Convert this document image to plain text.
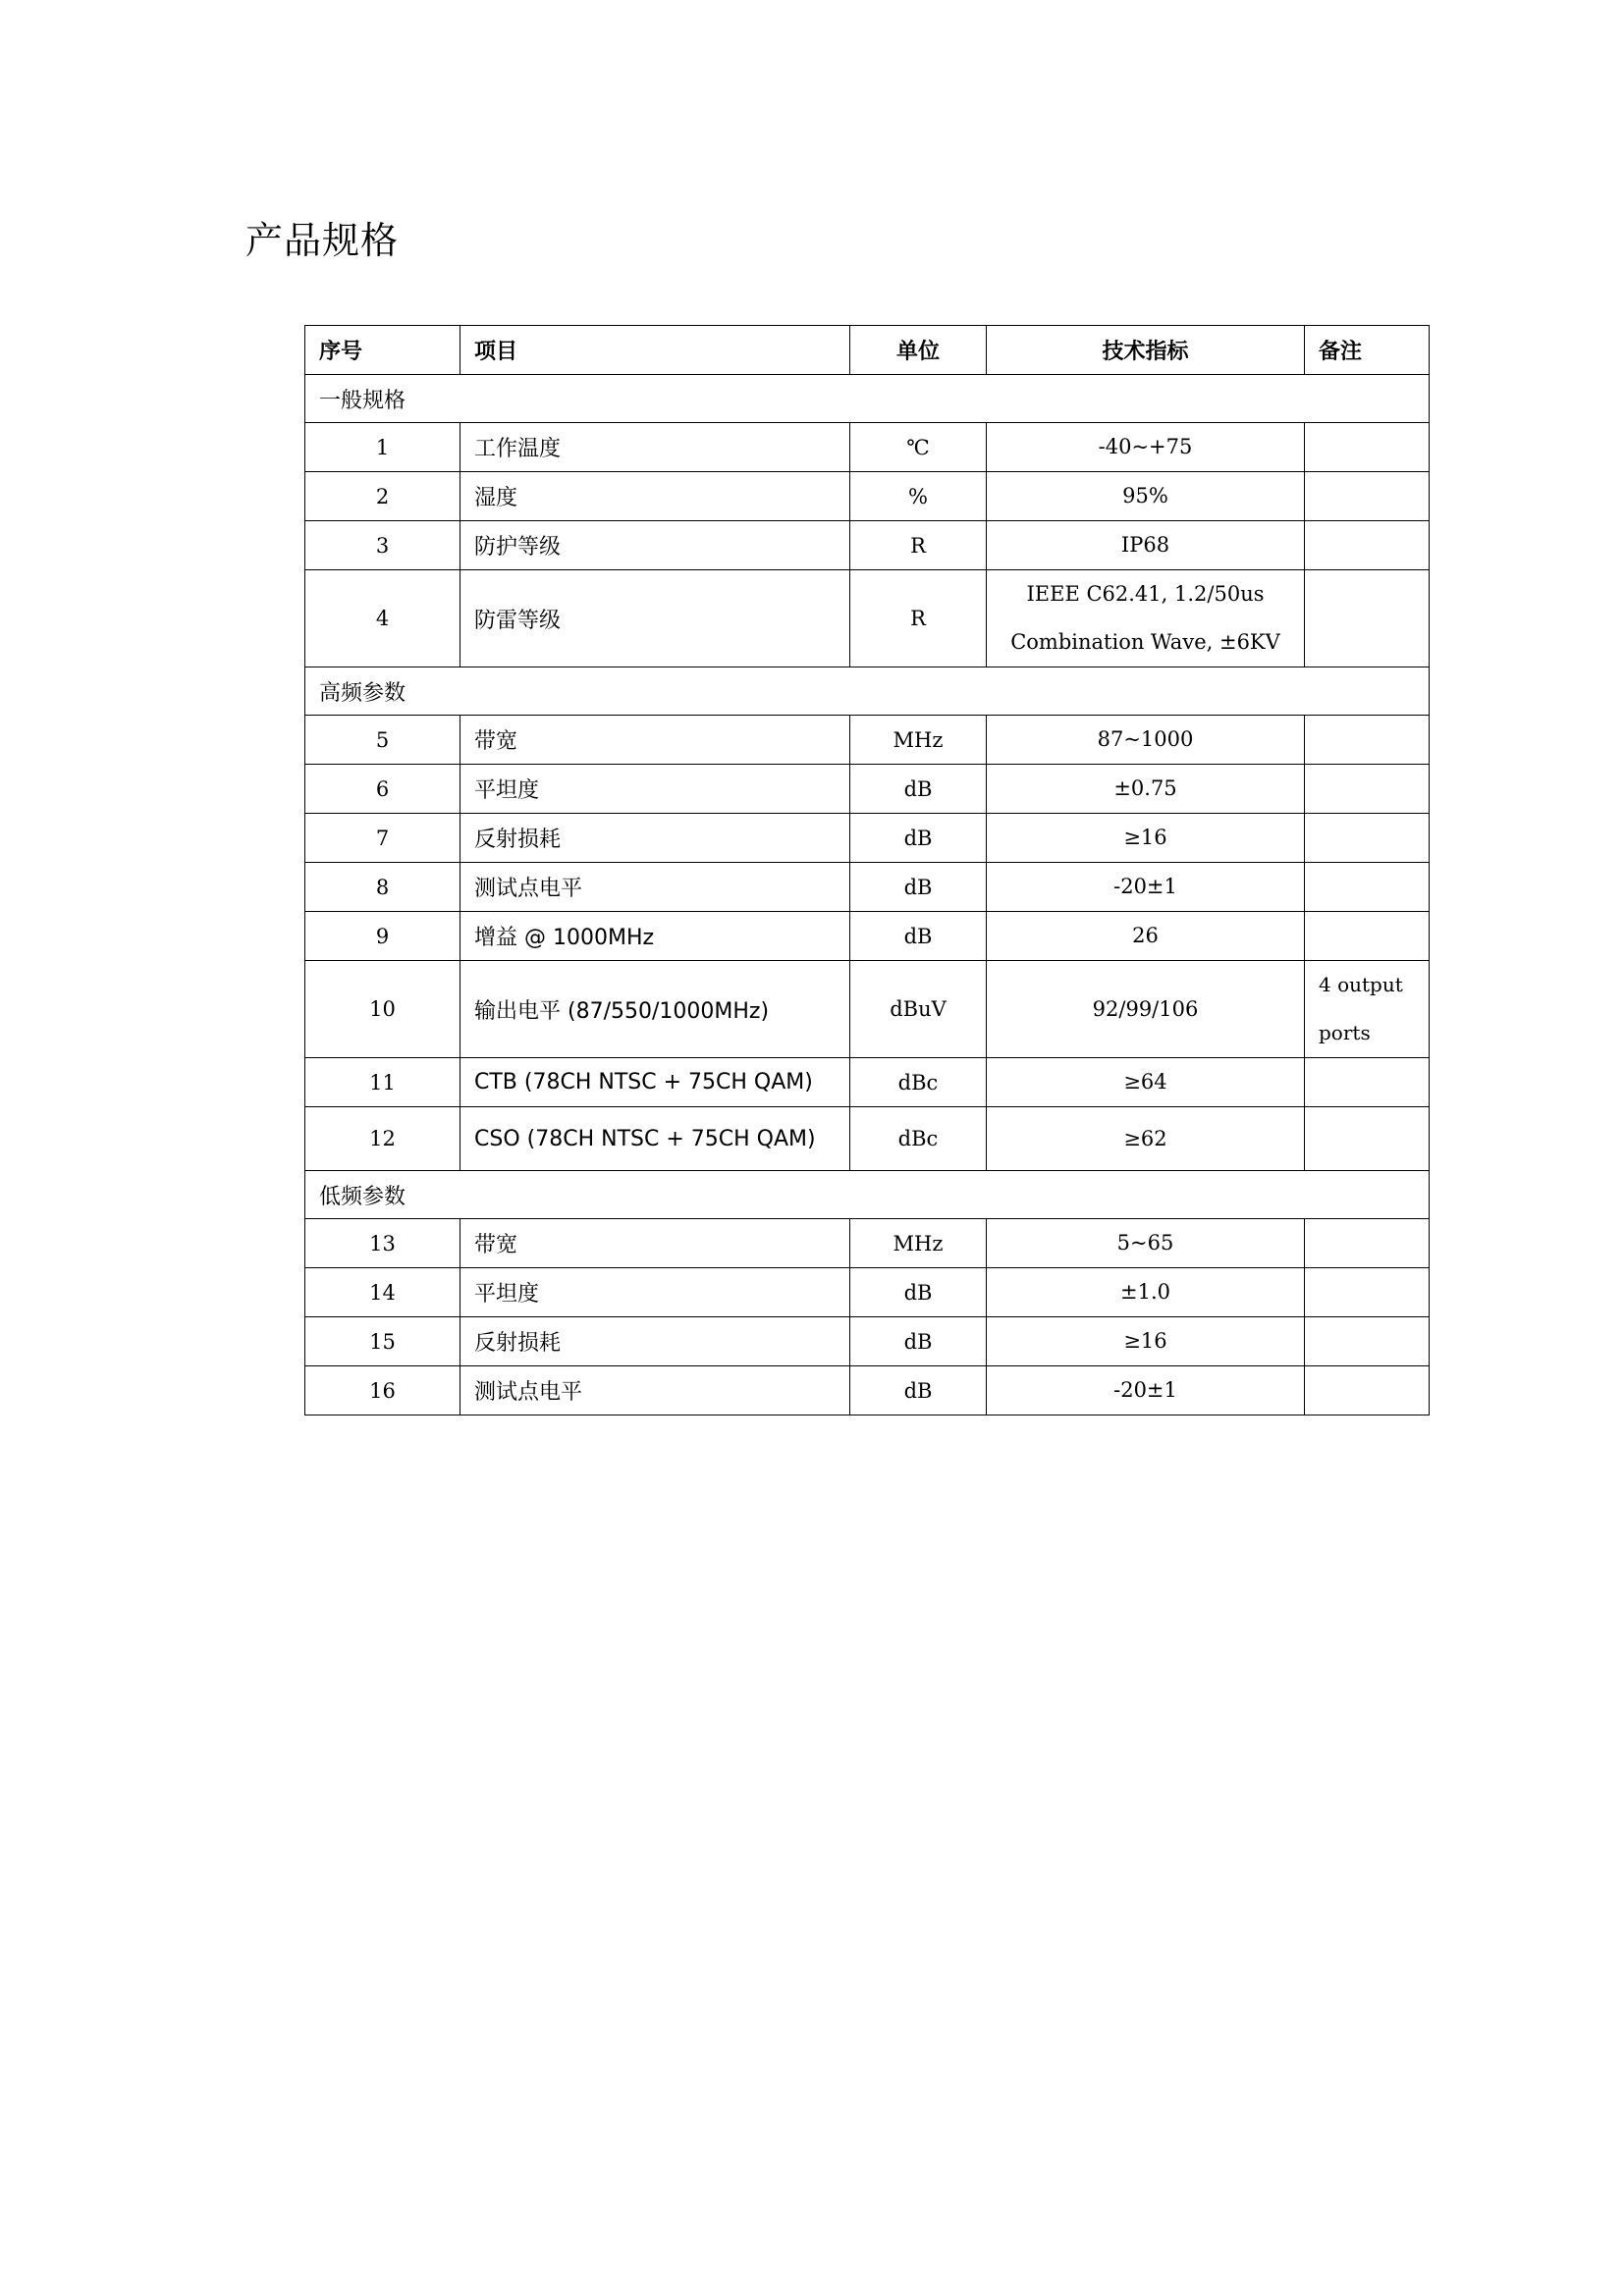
产品规格
序号	项目	单位	技术指标	备注
一般规格				
1	工作温度	℃	-40~+75	
2	湿度	%	95%	
3	防护等级	R	IP68	
4	防雷等级	R	IEEE C62.41, 1.2/50us Combination Wave, ±6KV	
高频参数				
5	带宽	MHz	87~1000	
6	平坦度	dB	±0.75	
7	反射损耗	dB	≥16	
8	测试点电平	dB	-20±1	
9	增益 @ 1000MHz	dB	26	
10	输出电平 (87/550/1000MHz)	dBuV	92/99/106	4 output ports
11	CTB (78CH NTSC + 75CH QAM)	dBc	≥64	
12	CSO (78CH NTSC + 75CH QAM)	dBc	≥62	
低频参数				
13	带宽	MHz	5~65	
14	平坦度	dB	±1.0	
15	反射损耗	dB	≥16	
16	测试点电平	dB	-20±1	
